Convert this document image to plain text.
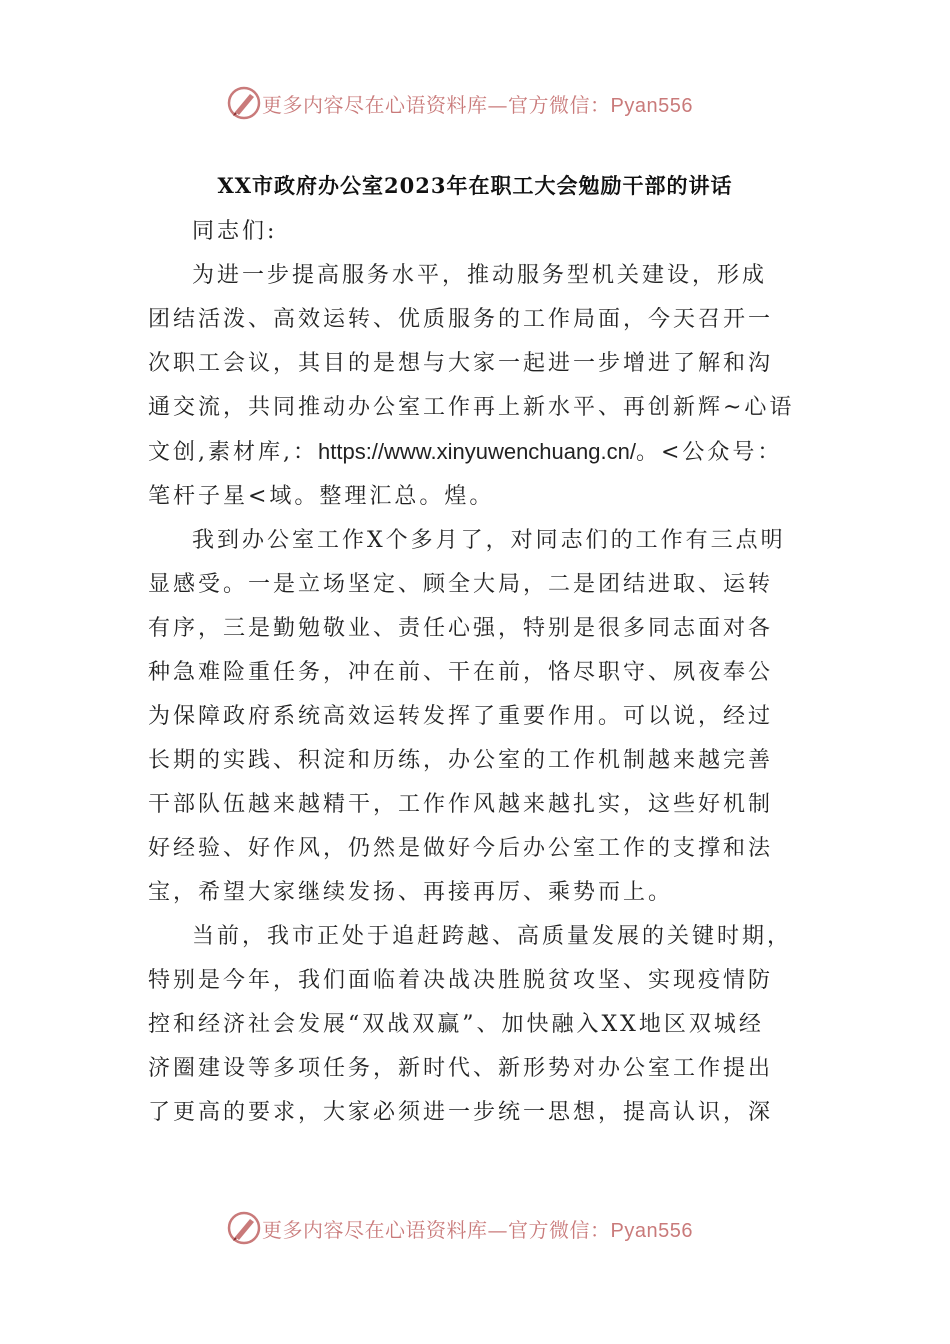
更多内容尽在心语资料库—官方微信：Pyan556
XX市政府办公室2023年在职工大会勉励干部的讲话

同志们:

为进一步提高服务水平，推动服务型机关建设，形成
团结活泼、高效运转、优质服务的工作局面，今天召开一
次职工会议，其目的是想与大家一起进一步增进了解和沟
通交流，共同推动办公室工作再上新水平、再创新辉~心语
文创,素材库,：https://www.xinyuwenchuang.cn/。<公众号：
笔杆子星<域。整理汇总。煌。

我到办公室工作X个多月了，对同志们的工作有三点明
显感受。一是立场坚定、顾全大局，二是团结进取、运转
有序，三是勤勉敬业、责任心强，特别是很多同志面对各
种急难险重任务，冲在前、干在前，恪尽职守、夙夜奉公
为保障政府系统高效运转发挥了重要作用。可以说，经过
长期的实践、积淀和历练，办公室的工作机制越来越完善
干部队伍越来越精干，工作作风越来越扎实，这些好机制
好经验、好作风，仍然是做好今后办公室工作的支撑和法
宝，希望大家继续发扬、再接再厉、乘势而上。

当前，我市正处于追赶跨越、高质量发展的关键时期，
特别是今年，我们面临着决战决胜脱贫攻坚、实现疫情防
控和经济社会发展“双战双赢”、加快融入XX地区双城经
济圈建设等多项任务，新时代、新形势对办公室工作提出
了更高的要求，大家必须进一步统一思想，提高认识，深

更多内容尽在心语资料库—官方微信：Pyan556
